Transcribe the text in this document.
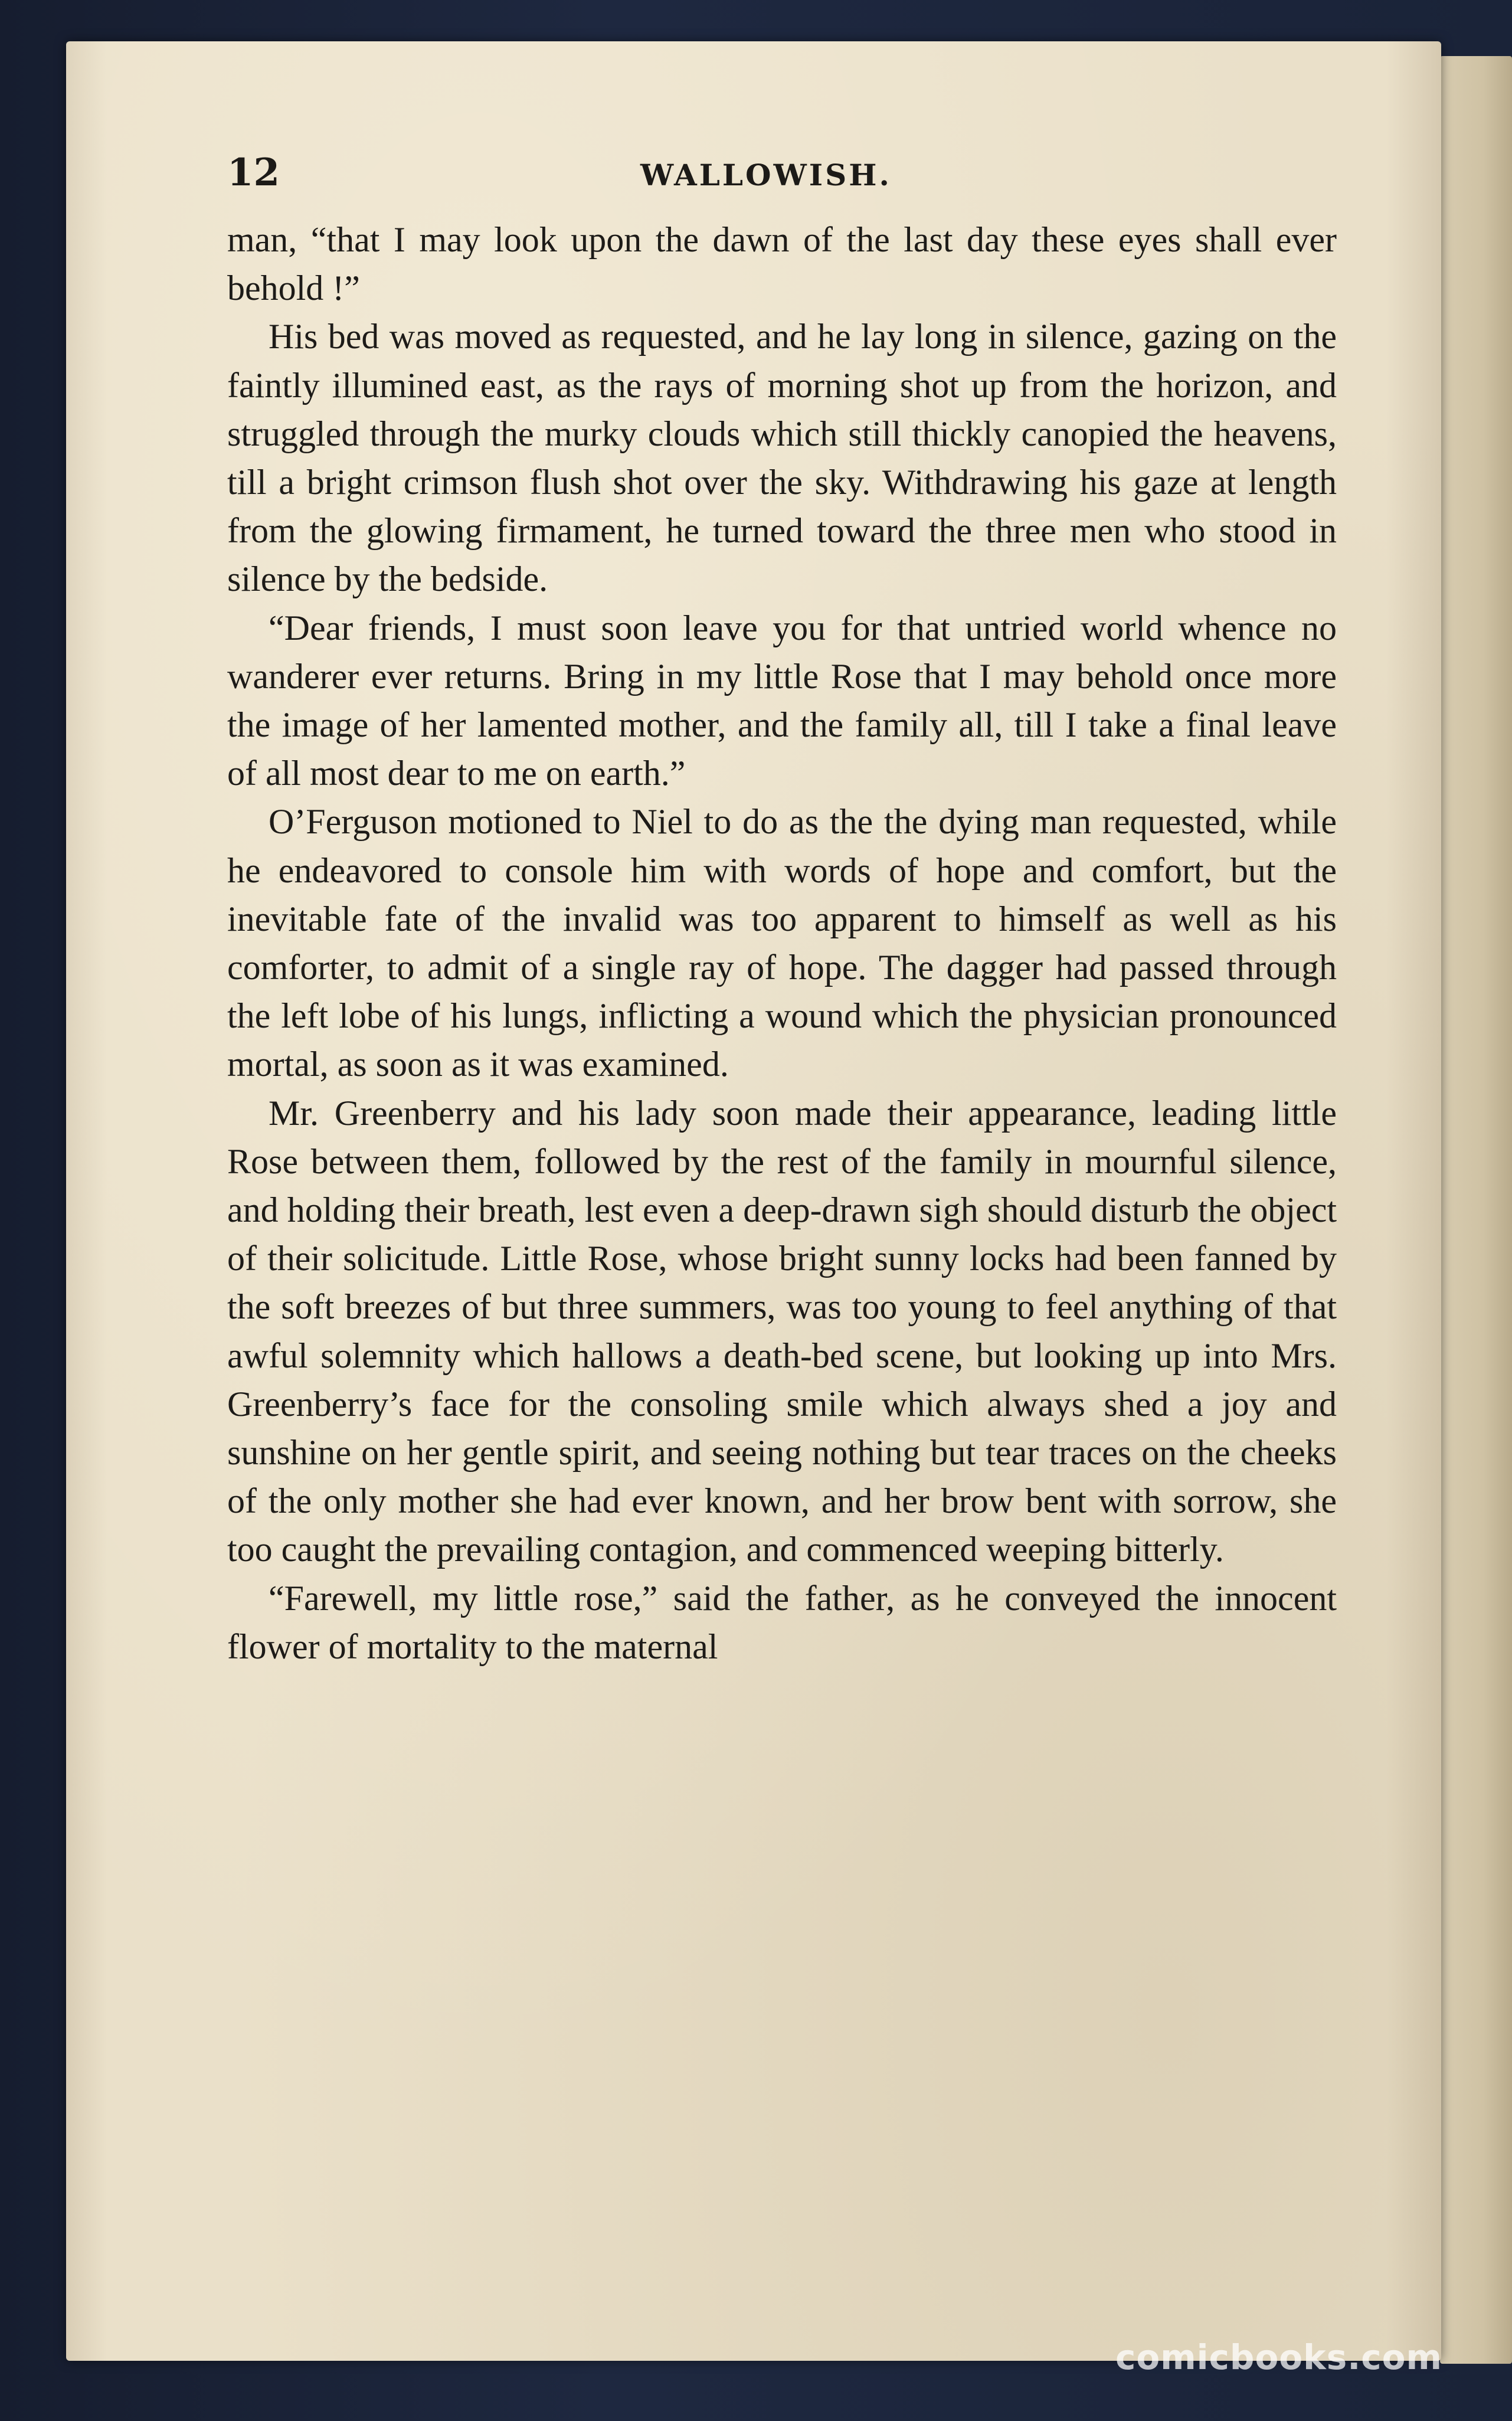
12	WALLOWISH.

man, “that I may look upon the dawn of the last day these eyes shall ever behold !”

His bed was moved as requested, and he lay long in silence, gazing on the faintly illumined east, as the rays of morning shot up from the horizon, and struggled through the murky clouds which still thickly canopied the heavens, till a bright crimson flush shot over the sky. Withdrawing his gaze at length from the glowing firmament, he turned toward the three men who stood in silence by the bedside.

“Dear friends, I must soon leave you for that untried world whence no wanderer ever returns. Bring in my little Rose that I may behold once more the image of her lamented mother, and the family all, till I take a final leave of all most dear to me on earth.”

O’Ferguson motioned to Niel to do as the the dying man requested, while he endeavored to console him with words of hope and comfort, but the inevitable fate of the invalid was too apparent to himself as well as his comforter, to admit of a single ray of hope. The dagger had passed through the left lobe of his lungs, inflicting a wound which the physician pronounced mortal, as soon as it was examined.

Mr. Greenberry and his lady soon made their appearance, leading little Rose between them, followed by the rest of the family in mournful silence, and holding their breath, lest even a deep-drawn sigh should disturb the object of their solicitude. Little Rose, whose bright sunny locks had been fanned by the soft breezes of but three summers, was too young to feel anything of that awful solemnity which hallows a death-bed scene, but looking up into Mrs. Greenberry’s face for the consoling smile which always shed a joy and sunshine on her gentle spirit, and seeing nothing but tear traces on the cheeks of the only mother she had ever known, and her brow bent with sorrow, she too caught the prevailing contagion, and commenced weeping bitterly.

“Farewell, my little rose,” said the father, as he conveyed the innocent flower of mortality to the maternal

comicbooks.com
